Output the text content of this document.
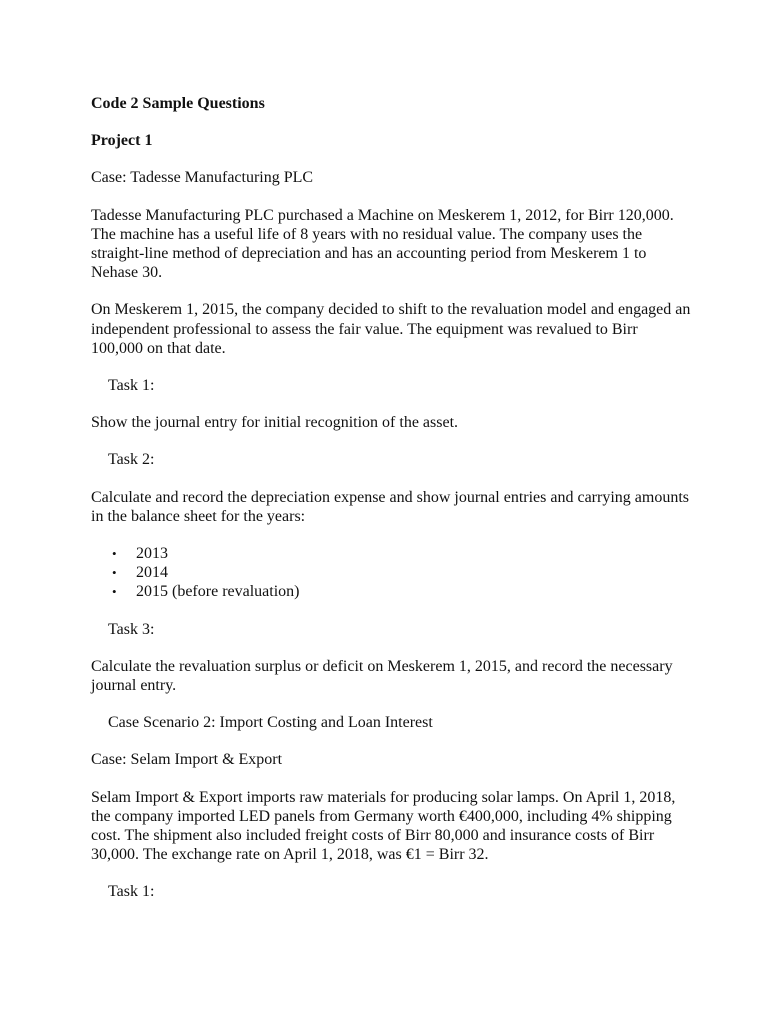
Code 2 Sample Questions

Project 1

Case: Tadesse Manufacturing PLC

Tadesse Manufacturing PLC purchased a Machine on Meskerem 1, 2012, for Birr 120,000. The machine has a useful life of 8 years with no residual value. The company uses the straight-line method of depreciation and has an accounting period from Meskerem 1 to Nehase 30.

On Meskerem 1, 2015, the company decided to shift to the revaluation model and engaged an independent professional to assess the fair value. The equipment was revalued to Birr 100,000 on that date.

Task 1:

Show the journal entry for initial recognition of the asset.

Task 2:

Calculate and record the depreciation expense and show journal entries and carrying amounts in the balance sheet for the years:

• 2013
• 2014
• 2015 (before revaluation)

Task 3:

Calculate the revaluation surplus or deficit on Meskerem 1, 2015, and record the necessary journal entry.

Case Scenario 2: Import Costing and Loan Interest

Case: Selam Import & Export

Selam Import & Export imports raw materials for producing solar lamps. On April 1, 2018, the company imported LED panels from Germany worth €400,000, including 4% shipping cost. The shipment also included freight costs of Birr 80,000 and insurance costs of Birr 30,000. The exchange rate on April 1, 2018, was €1 = Birr 32.

Task 1:
